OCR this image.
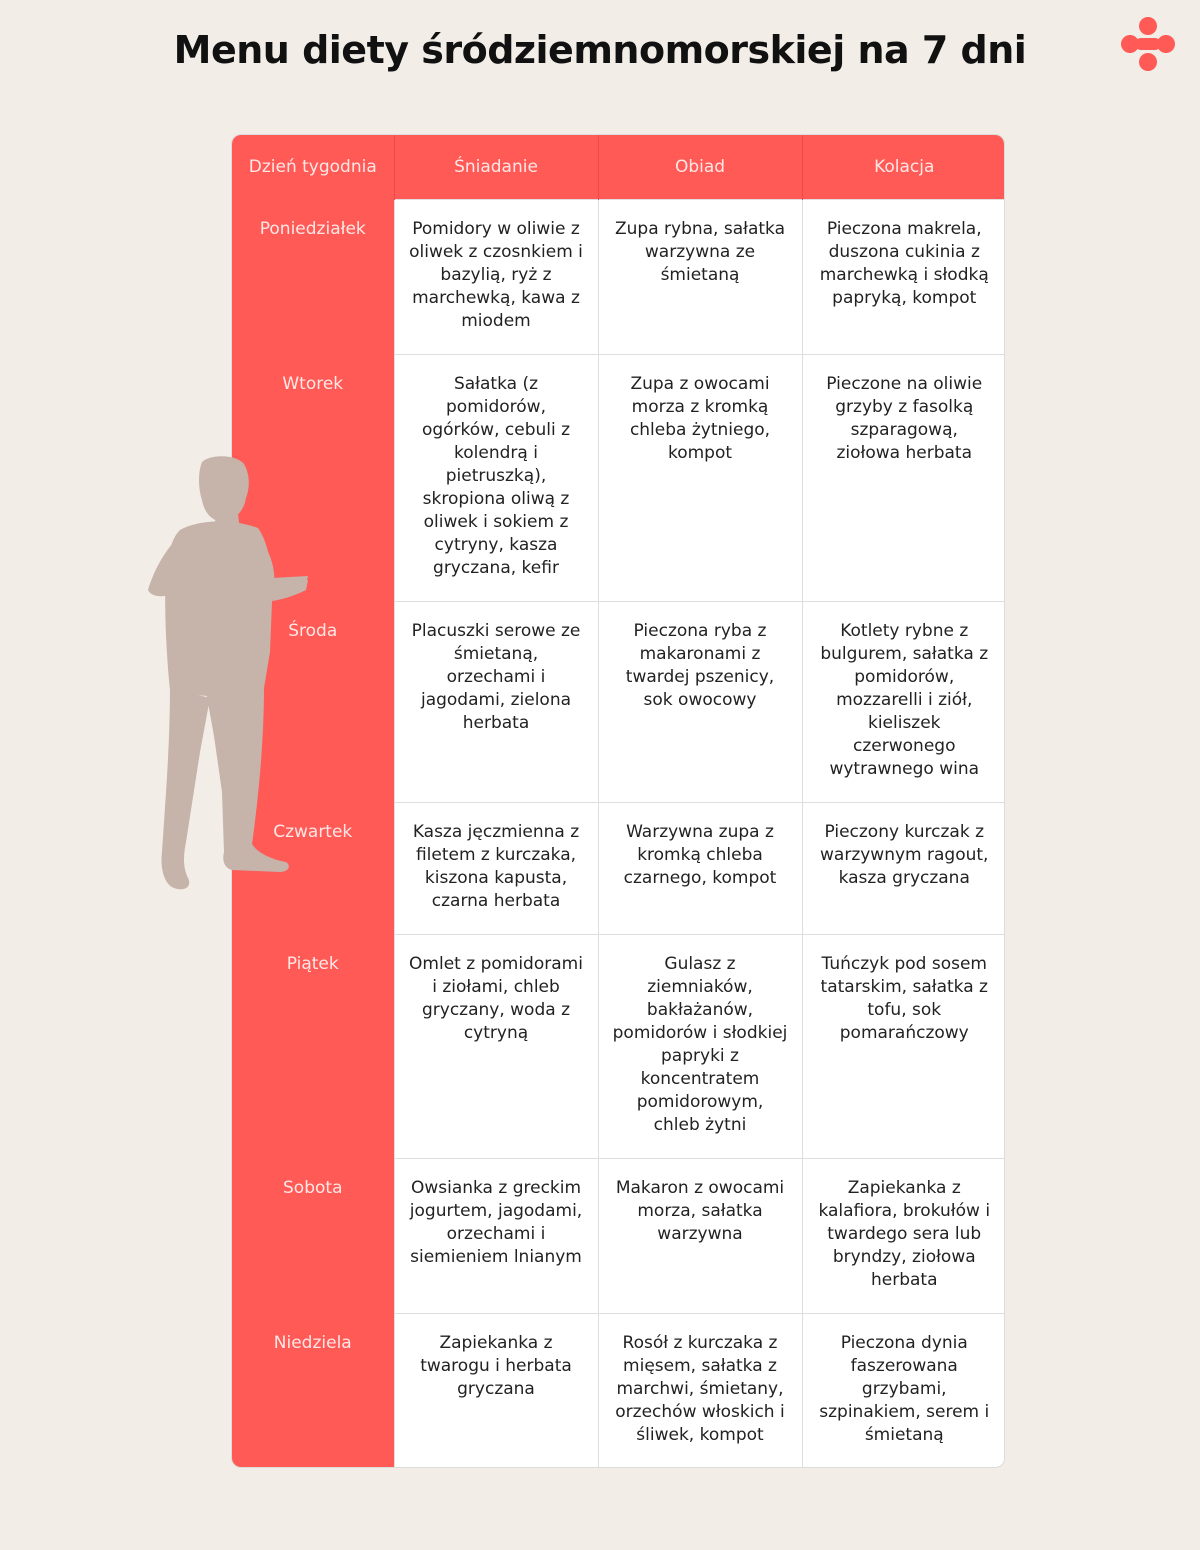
Menu diety śródziemnomorskiej na 7 dni
Dzień tygodnia	Śniadanie	Obiad	Kolacja
Poniedziałek	Pomidory w oliwie z oliwek z czosnkiem i bazylią, ryż z marchewką, kawa z miodem	Zupa rybna, sałatka warzywna ze śmietaną	Pieczona makrela, duszona cukinia z marchewką i słodką papryką, kompot
Wtorek	Sałatka (z pomidorów, ogórków, cebuli z kolendrą i pietruszką), skropiona oliwą z oliwek i sokiem z cytryny, kasza gryczana, kefir	Zupa z owocami morza z kromką chleba żytniego, kompot	Pieczone na oliwie grzyby z fasolką szparagową, ziołowa herbata
Środa	Placuszki serowe ze śmietaną, orzechami i jagodami, zielona herbata	Pieczona ryba z makaronami z twardej pszenicy, sok owocowy	Kotlety rybne z bulgurem, sałatka z pomidorów, mozzarelli i ziół, kieliszek czerwonego wytrawnego wina
Czwartek	Kasza jęczmienna z filetem z kurczaka, kiszona kapusta, czarna herbata	Warzywna zupa z kromką chleba czarnego, kompot	Pieczony kurczak z warzywnym ragout, kasza gryczana
Piątek	Omlet z pomidorami i ziołami, chleb gryczany, woda z cytryną	Gulasz z ziemniaków, bakłażanów, pomidorów i słodkiej papryki z koncentratem pomidorowym, chleb żytni	Tuńczyk pod sosem tatarskim, sałatka z tofu, sok pomarańczowy
Sobota	Owsianka z greckim jogurtem, jagodami, orzechami i siemieniem lnianym	Makaron z owocami morza, sałatka warzywna	Zapiekanka z kalafiora, brokułów i twardego sera lub bryndzy, ziołowa herbata
Niedziela	Zapiekanka z twarogu i herbata gryczana	Rosół z kurczaka z mięsem, sałatka z marchwi, śmietany, orzechów włoskich i śliwek, kompot	Pieczona dynia faszerowana grzybami, szpinakiem, serem i śmietaną
